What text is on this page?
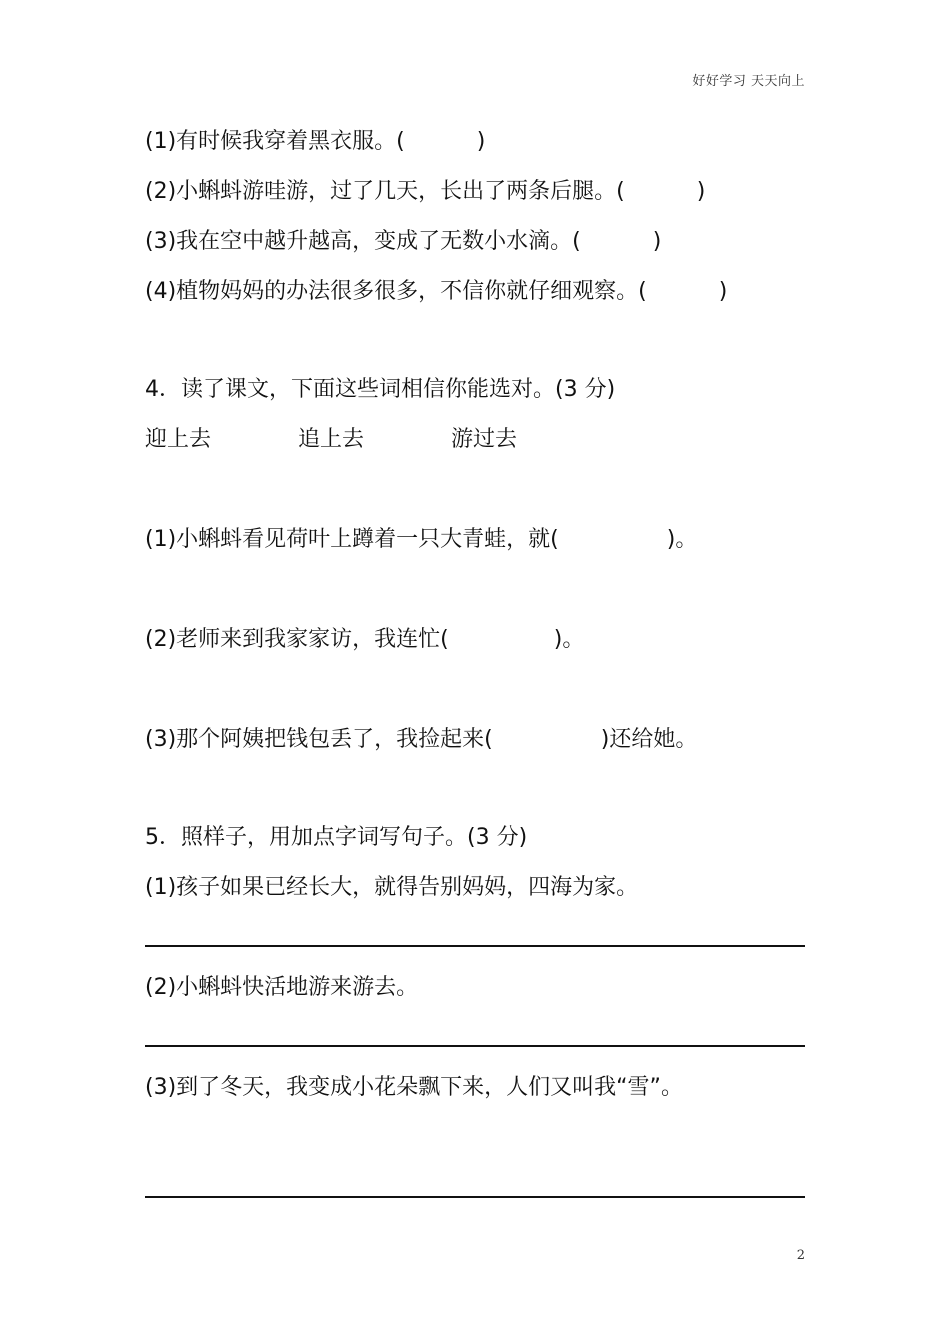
好好学习 天天向上
(1)有时候我穿着黑衣服。(	)
(2)小蝌蚪游哇游，过了几天，长出了两条后腿。(	)
(3)我在空中越升越高，变成了无数小水滴。(	)
(4)植物妈妈的办法很多很多，不信你就仔细观察。(	)
4．读了课文，下面这些词相信你能选对。(3 分)
迎上去	追上去	游过去
(1)小蝌蚪看见荷叶上蹲着一只大青蛙，就(	)。
(2)老师来到我家家访，我连忙(	)。
(3)那个阿姨把钱包丢了，我捡起来(	)还给她。
5．照样子，用加点字词写句子。(3 分)
(1)孩子如果已经长大，就得告别妈妈，四海为家。
(2)小蝌蚪快活地游来游去。
(3)到了冬天，我变成小花朵飘下来，人们又叫我“雪”。
2
